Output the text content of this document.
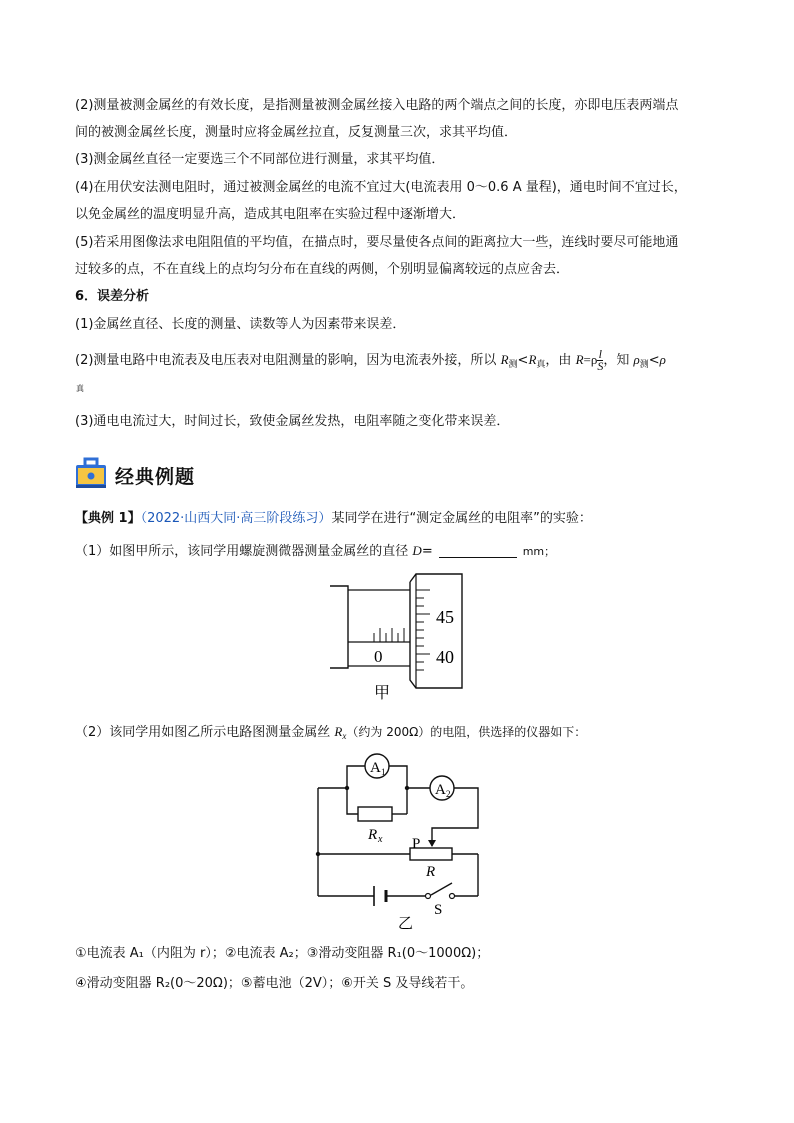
(2)测量被测金属丝的有效长度，是指测量被测金属丝接入电路的两个端点之间的长度，亦即电压表两端点
间的被测金属丝长度，测量时应将金属丝拉直，反复测量三次，求其平均值．
(3)测金属丝直径一定要选三个不同部位进行测量，求其平均值．
(4)在用伏安法测电阻时，通过被测金属丝的电流不宜过大(电流表用 0～0.6 A 量程)，通电时间不宜过长，
以免金属丝的温度明显升高，造成其电阻率在实验过程中逐渐增大．
(5)若采用图像法求电阻阻值的平均值，在描点时，要尽量使各点间的距离拉大一些，连线时要尽可能地通
过较多的点，不在直线上的点均匀分布在直线的两侧，个别明显偏离较远的点应舍去．
6．误差分析
(1)金属丝直径、长度的测量、读数等人为因素带来误差．
(2)测量电路中电流表及电压表对电阻测量的影响，因为电流表外接，所以 $R_测<R_真$，由 $R=\rho \frac{l}{S}$ ，知 $\rho_测<\rho$
真
(3)通电电流过大，时间过长，致使金属丝发热，电阻率随之变化带来误差．
经典例题
【典例 1】（2022·山西大同·高三阶段练习）某同学在进行“测定金属丝的电阻率”的实验：
（1）如图甲所示，该同学用螺旋测微器测量金属丝的直径 D=	mm；
45
40
0
甲
（2）该同学用如图乙所示电路图测量金属丝 $R_x$（约为 200Ω）的电阻，供选择的仪器如下：
A 1
A 2
R x P
R
S
乙
①电流表 A₁（内阻为 r）；②电流表 A₂；③滑动变阻器 R₁(0～1000Ω)；
④滑动变阻器 R₂(0～20Ω)；⑤蓄电池（2V）；⑥开关 S 及导线若干。
